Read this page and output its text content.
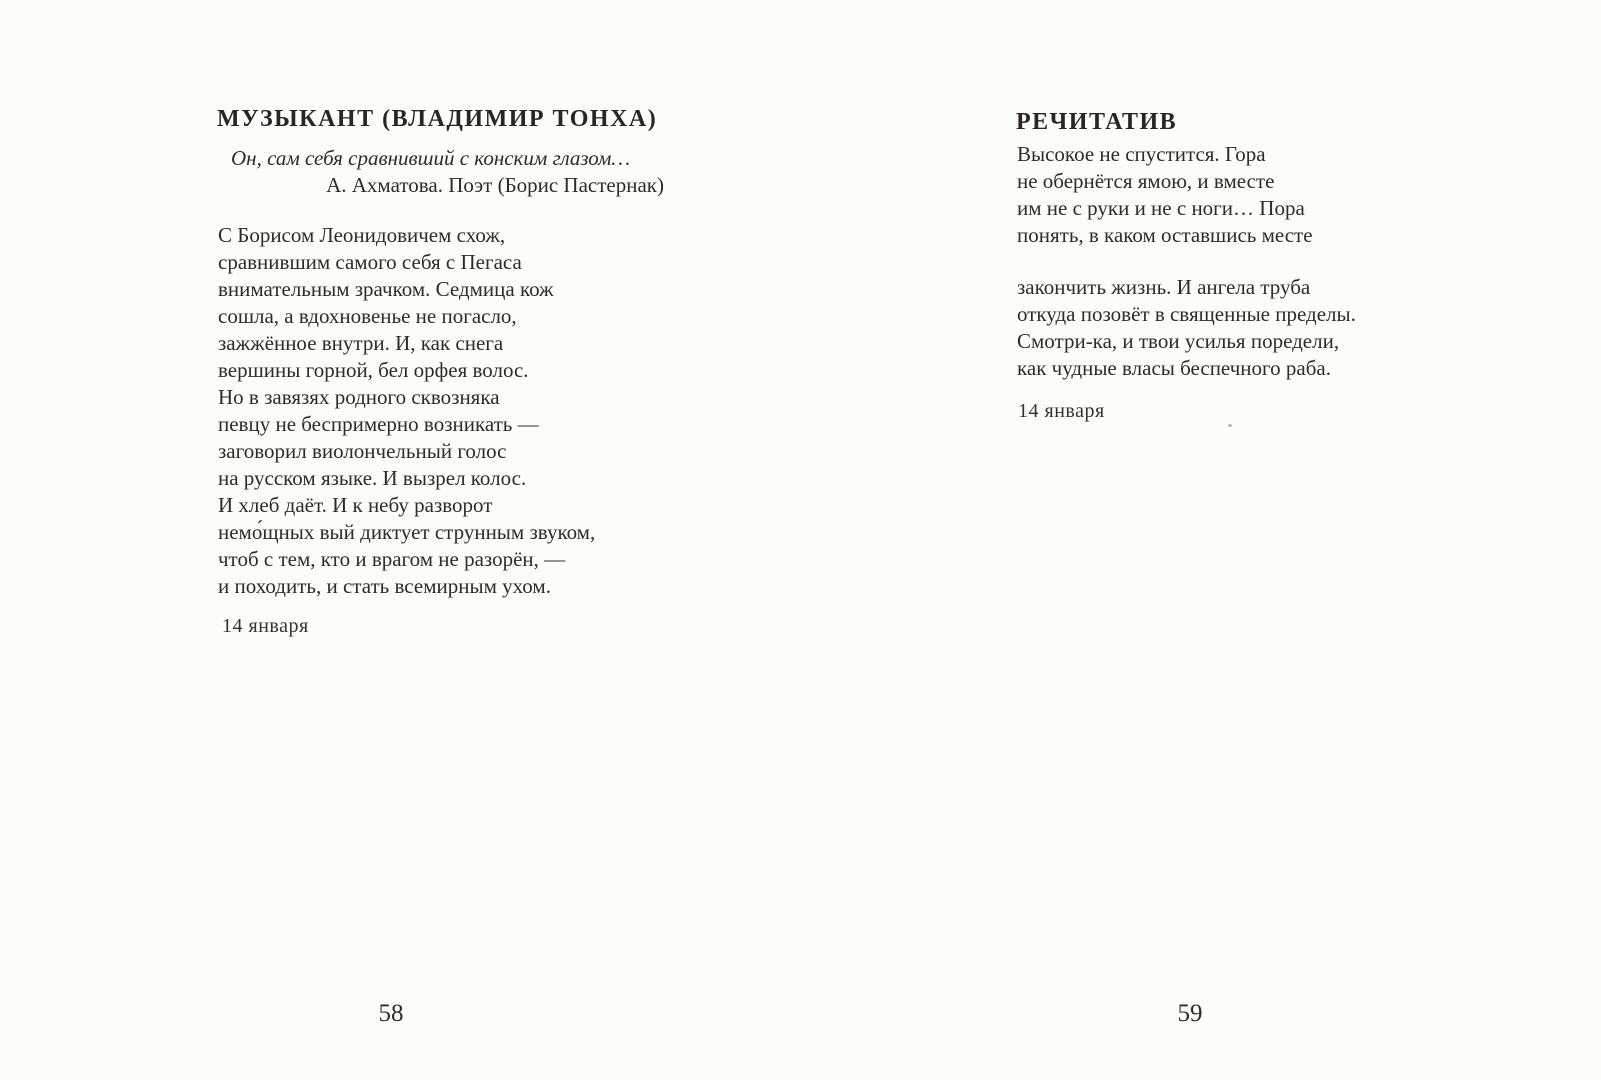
МУЗЫКАНТ (ВЛАДИМИР ТОНХА)
Он, сам себя сравнивший с конским глазом…
А. Ахматова. Поэт (Борис Пастернак)
С Борисом Леонидовичем схож,
сравнившим самого себя с Пегаса
внимательным зрачком. Седмица кож
сошла, а вдохновенье не погасло,
зажжённое внутри. И, как снега
вершины горной, бел орфея волос.
Но в завязях родного сквозняка
певцу не беспримерно возникать —
заговорил виолончельный голос
на русском языке. И вызрел колос.
И хлеб даёт. И к небу разворот
немо́щных вый диктует струнным звуком,
чтоб с тем, кто и врагом не разорён, —
и походить, и стать всемирным ухом.
14 января
58
РЕЧИТАТИВ
Высокое не спустится. Гора
не обернётся ямою, и вместе
им не с руки и не с ноги… Пора
понять, в каком оставшись месте
закончить жизнь. И ангела труба
откуда позовёт в священные пределы.
Смотри-ка, и твои усилья поредели,
как чудные власы беспечного раба.
14 января
59
